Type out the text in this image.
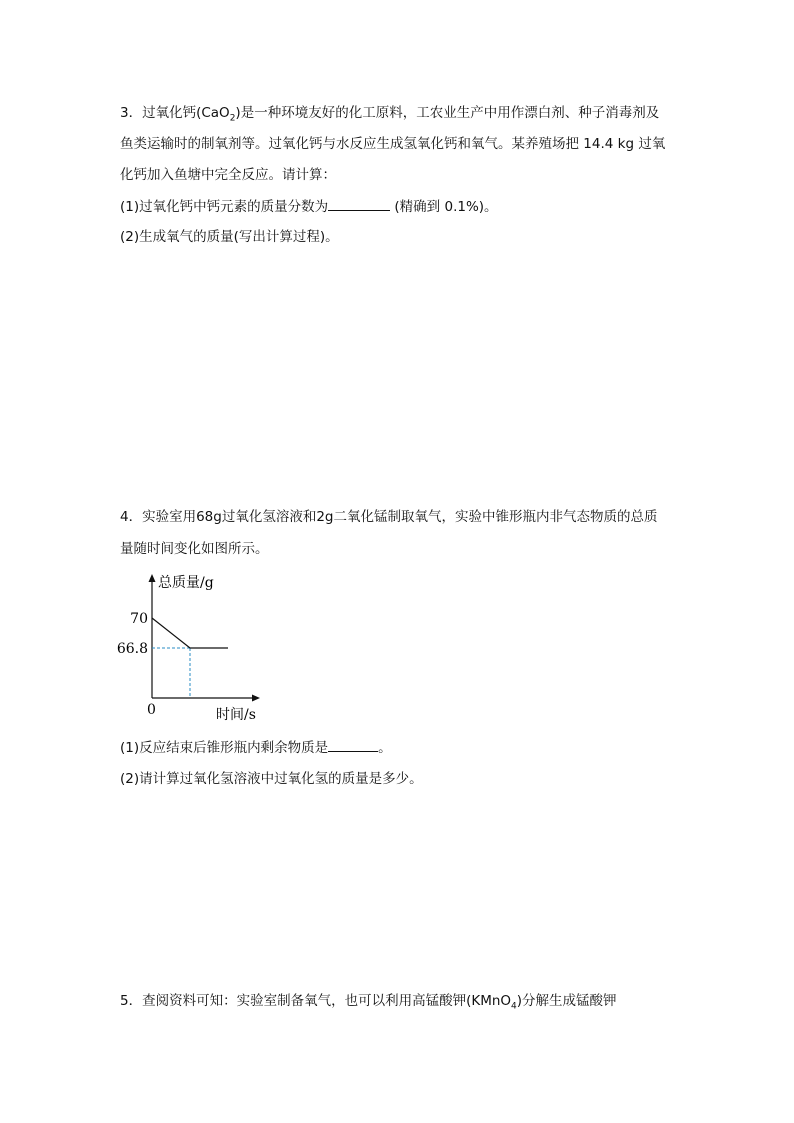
3．过氧化钙(CaO$_2$)是一种环境友好的化工原料，工农业生产中用作漂白剂、种子消毒剂及
鱼类运输时的制氧剂等。过氧化钙与水反应生成氢氧化钙和氧气。某养殖场把 14.4 kg 过氧
化钙加入鱼塘中完全反应。请计算：
(1)过氧化钙中钙元素的质量分数为	(精确到 0.1%)。
(2)生成氧气的质量(写出计算过程)。
4．实验室用68g过氧化氢溶液和2g二氧化锰制取氧气，实验中锥形瓶内非气态物质的总质
量随时间变化如图所示。
总质量/g
70
66.8
0	时间/s
(1)反应结束后锥形瓶内剩余物质是	。
(2)请计算过氧化氢溶液中过氧化氢的质量是多少。
5．查阅资料可知：实验室制备氧气，也可以利用高锰酸钾(KMnO$_4$)分解生成锰酸钾
